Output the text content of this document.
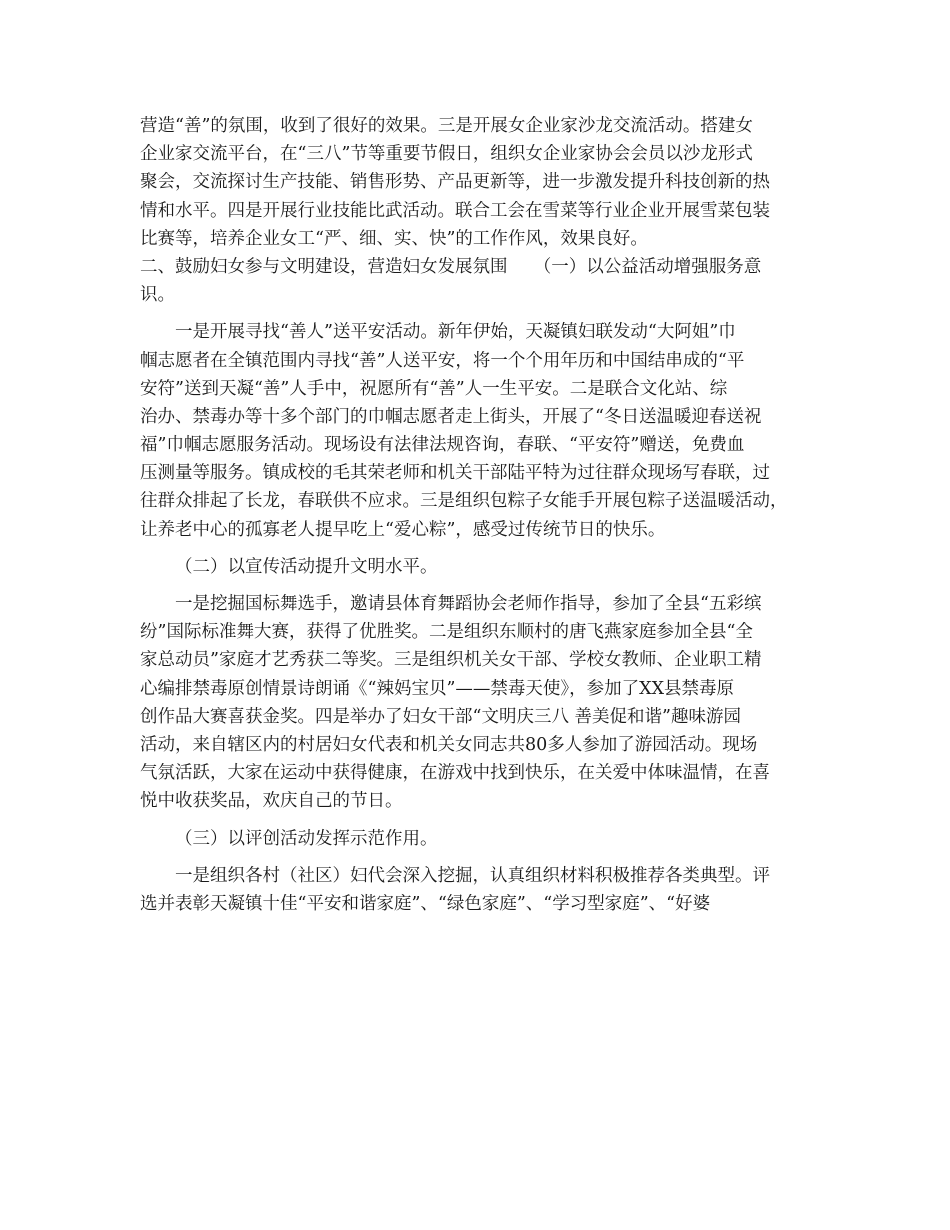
营造“善”的氛围，收到了很好的效果。三是开展女企业家沙龙交流活动。搭建女
企业家交流平台，在“三八”节等重要节假日，组织女企业家协会会员以沙龙形式
聚会，交流探讨生产技能、销售形势、产品更新等，进一步激发提升科技创新的热
情和水平。四是开展行业技能比武活动。联合工会在雪菜等行业企业开展雪菜包装
比赛等，培养企业女工“严、细、实、快”的工作作风，效果良好。
二、鼓励妇女参与文明建设，营造妇女发展氛围　　（一）以公益活动增强服务意
识。
一是开展寻找“善人”送平安活动。新年伊始，天凝镇妇联发动“大阿姐”巾
帼志愿者在全镇范围内寻找“善”人送平安，将一个个用年历和中国结串成的“平
安符”送到天凝“善”人手中，祝愿所有“善”人一生平安。二是联合文化站、综
治办、禁毒办等十多个部门的巾帼志愿者走上街头，开展了“冬日送温暖迎春送祝
福”巾帼志愿服务活动。现场设有法律法规咨询，春联、“平安符”赠送，免费血
压测量等服务。镇成校的毛其荣老师和机关干部陆平特为过往群众现场写春联，过
往群众排起了长龙，春联供不应求。三是组织包粽子女能手开展包粽子送温暖活动，
让养老中心的孤寡老人提早吃上“爱心粽”，感受过传统节日的快乐。
（二）以宣传活动提升文明水平。
一是挖掘国标舞选手，邀请县体育舞蹈协会老师作指导，参加了全县“五彩缤
纷”国际标准舞大赛，获得了优胜奖。二是组织东顺村的唐飞燕家庭参加全县“全
家总动员”家庭才艺秀获二等奖。三是组织机关女干部、学校女教师、企业职工精
心编排禁毒原创情景诗朗诵《“辣妈宝贝”——禁毒天使》，参加了XX县禁毒原
创作品大赛喜获金奖。四是举办了妇女干部“文明庆三八 善美促和谐”趣味游园
活动，来自辖区内的村居妇女代表和机关女同志共80多人参加了游园活动。现场
气氛活跃，大家在运动中获得健康，在游戏中找到快乐，在关爱中体味温情，在喜
悦中收获奖品，欢庆自己的节日。
（三）以评创活动发挥示范作用。
一是组织各村（社区）妇代会深入挖掘，认真组织材料积极推荐各类典型。评
选并表彰天凝镇十佳“平安和谐家庭”、“绿色家庭”、“学习型家庭”、“好婆
